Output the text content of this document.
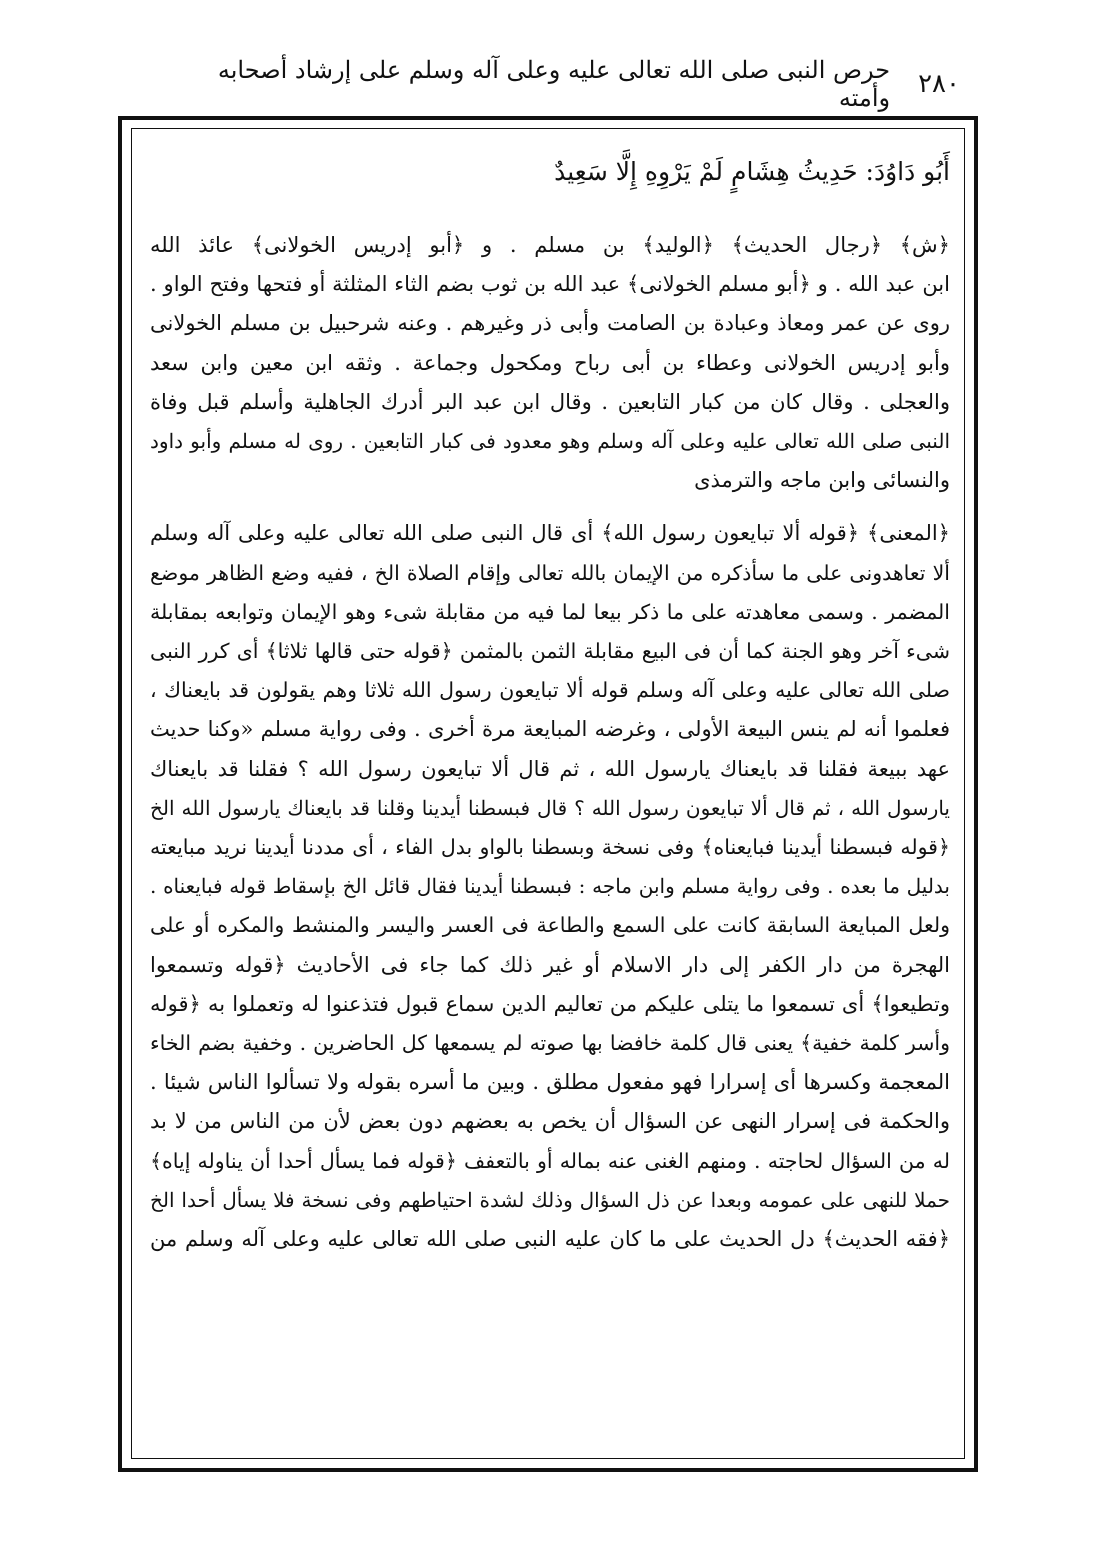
٢٨٠
حرص النبى صلى الله تعالى عليه وعلى آله وسلم على إرشاد أصحابه وأمته
أَبُو دَاوُدَ: حَدِيثُ هِشَامٍ لَمْ يَرْوِهِ إِلَّا سَعِيدٌ
﴿ش﴾ ﴿رجال الحديث﴾ ﴿الوليد﴾ بن مسلم . و ﴿أبو إدريس الخولانى﴾ عائذ الله
ابن عبد الله . و ﴿أبو مسلم الخولانى﴾ عبد الله بن ثوب بضم الثاء المثلثة أو فتحها وفتح الواو .
روى عن عمر ومعاذ وعبادة بن الصامت وأبى ذر وغيرهم . وعنه شرحبيل بن مسلم الخولانى
وأبو إدريس الخولانى وعطاء بن أبى رباح ومكحول وجماعة . وثقه ابن معين وابن سعد
والعجلى . وقال كان من كبار التابعين . وقال ابن عبد البر أدرك الجاهلية وأسلم قبل وفاة
النبى صلى الله تعالى عليه وعلى آله وسلم وهو معدود فى كبار التابعين . روى له مسلم وأبو داود
والنسائى وابن ماجه والترمذى
﴿المعنى﴾ ﴿قوله ألا تبايعون رسول الله﴾ أى قال النبى صلى الله تعالى عليه وعلى آله وسلم
ألا تعاهدونى على ما سأذكره من الإيمان بالله تعالى وإقام الصلاة الخ ، ففيه وضع الظاهر موضع
المضمر . وسمى معاهدته على ما ذكر بيعا لما فيه من مقابلة شىء وهو الإيمان وتوابعه بمقابلة
شىء آخر وهو الجنة كما أن فى البيع مقابلة الثمن بالمثمن ﴿قوله حتى قالها ثلاثا﴾ أى كرر النبى
صلى الله تعالى عليه وعلى آله وسلم قوله ألا تبايعون رسول الله ثلاثا وهم يقولون قد بايعناك ،
فعلموا أنه لم ينس البيعة الأولى ، وغرضه المبايعة مرة أخرى . وفى رواية مسلم «وكنا حديث
عهد ببيعة فقلنا قد بايعناك يارسول الله ، ثم قال ألا تبايعون رسول الله ؟ فقلنا قد بايعناك
يارسول الله ، ثم قال ألا تبايعون رسول الله ؟ قال فبسطنا أيدينا وقلنا قد بايعناك يارسول الله الخ
﴿قوله فبسطنا أيدينا فبايعناه﴾ وفى نسخة وبسطنا بالواو بدل الفاء ، أى مددنا أيدينا نريد مبايعته
بدليل ما بعده . وفى رواية مسلم وابن ماجه : فبسطنا أيدينا فقال قائل الخ بإسقاط قوله فبايعناه .
ولعل المبايعة السابقة كانت على السمع والطاعة فى العسر واليسر والمنشط والمكره أو على
الهجرة من دار الكفر إلى دار الاسلام أو غير ذلك كما جاء فى الأحاديث ﴿قوله وتسمعوا
وتطيعوا﴾ أى تسمعوا ما يتلى عليكم من تعاليم الدين سماع قبول فتذعنوا له وتعملوا به ﴿قوله
وأسر كلمة خفية﴾ يعنى قال كلمة خافضا بها صوته لم يسمعها كل الحاضرين . وخفية بضم الخاء
المعجمة وكسرها أى إسرارا فهو مفعول مطلق . وبين ما أسره بقوله ولا تسألوا الناس شيئا .
والحكمة فى إسرار النهى عن السؤال أن يخص به بعضهم دون بعض لأن من الناس من لا بد
له من السؤال لحاجته . ومنهم الغنى عنه بماله أو بالتعفف ﴿قوله فما يسأل أحدا أن يناوله إياه﴾
حملا للنهى على عمومه وبعدا عن ذل السؤال وذلك لشدة احتياطهم وفى نسخة فلا يسأل أحدا الخ
﴿فقه الحديث﴾ دل الحديث على ما كان عليه النبى صلى الله تعالى عليه وعلى آله وسلم من
